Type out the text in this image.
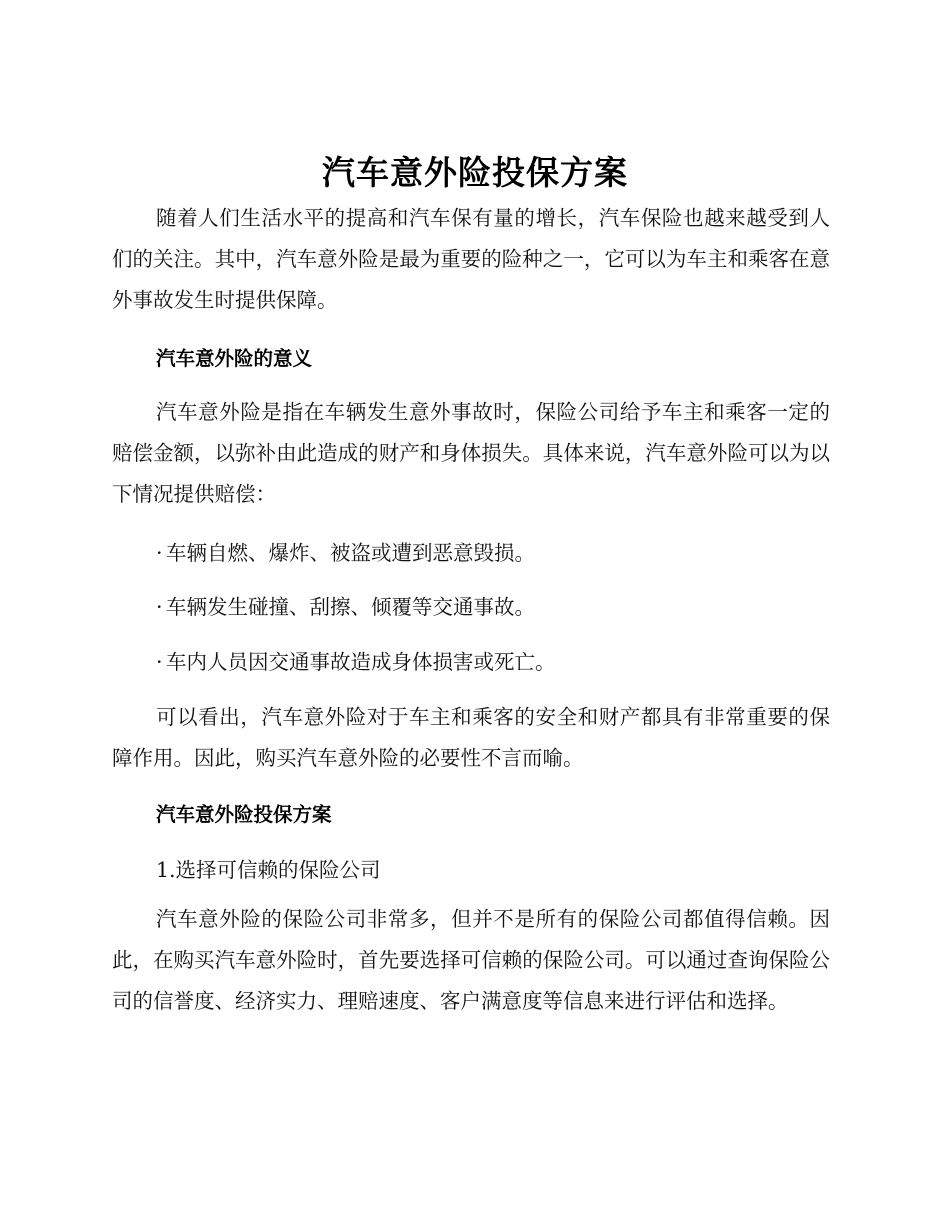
汽车意外险投保方案
随着人们生活水平的提高和汽车保有量的增长，汽车保险也越来越受到人们的关注。其中，汽车意外险是最为重要的险种之一，它可以为车主和乘客在意外事故发生时提供保障。
汽车意外险的意义
汽车意外险是指在车辆发生意外事故时，保险公司给予车主和乘客一定的赔偿金额，以弥补由此造成的财产和身体损失。具体来说，汽车意外险可以为以下情况提供赔偿：
· 车辆自燃、爆炸、被盗或遭到恶意毁损。
· 车辆发生碰撞、刮擦、倾覆等交通事故。
· 车内人员因交通事故造成身体损害或死亡。
可以看出，汽车意外险对于车主和乘客的安全和财产都具有非常重要的保障作用。因此，购买汽车意外险的必要性不言而喻。
汽车意外险投保方案
1.选择可信赖的保险公司
汽车意外险的保险公司非常多，但并不是所有的保险公司都值得信赖。因此，在购买汽车意外险时，首先要选择可信赖的保险公司。可以通过查询保险公司的信誉度、经济实力、理赔速度、客户满意度等信息来进行评估和选择。
